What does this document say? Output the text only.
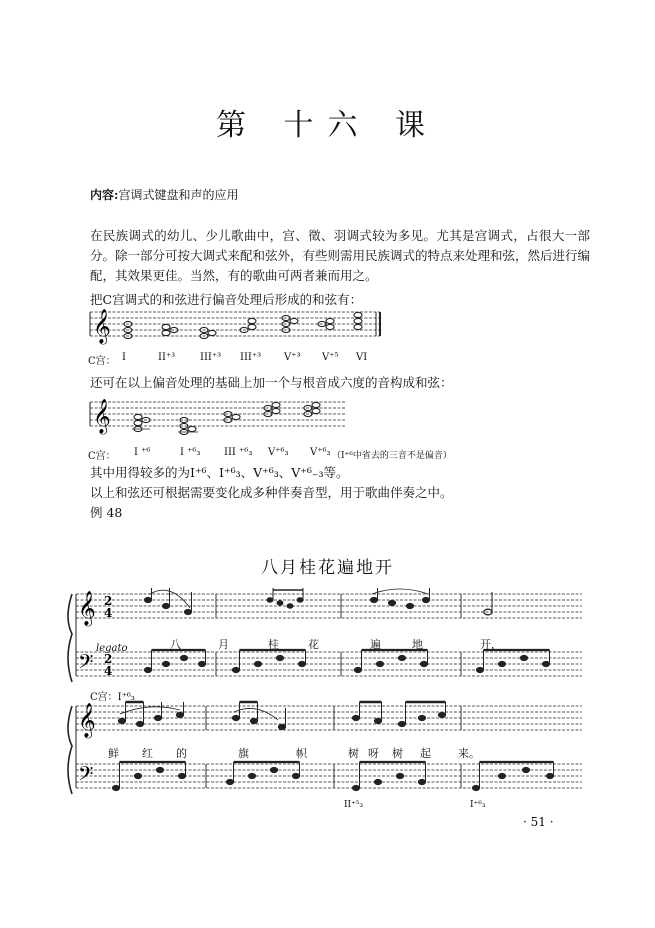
第 十六 课
内容:宫调式键盘和声的应用
在民族调式的幼儿、少儿歌曲中，宫、徵、羽调式较为多见。尤其是宫调式，占很大一部分。除一部分可按大调式来配和弦外，有些则需用民族调式的特点来处理和弦，然后进行编配，其效果更佳。当然，有的歌曲可两者兼而用之。
把C宫调式的和弦进行偏音处理后形成的和弦有：
𝄞
C宫： I	II⁺³ III⁺³ III⁺³ V⁺³ V⁺⁵ VI
还可在以上偏音处理的基础上加一个与根音成六度的音构成和弦：
𝄞
C宫： I ⁺⁶	I ⁺⁶₃ III ⁺⁶₃ V⁺⁶₃ V⁺⁶₃ （I⁺⁶中省去的三音不是偏音）
其中用得较多的为I⁺⁶、I⁺⁶₃、V⁺⁶₃、V⁺⁶₋₃等。
以上和弦还可根据需要变化成多种伴奏音型，用于歌曲伴奏之中。
例 48
八月桂花遍地开
𝄞
𝄢
2
4
2
4
legato	八	月	桂	花	遍	地	开，
C宫：I⁺⁶₃
𝄞
𝄢
鲜 红 的	旗	帜	树 呀 树 起 来。
II⁺⁵₃	I⁺⁶₃
· 51 ·
